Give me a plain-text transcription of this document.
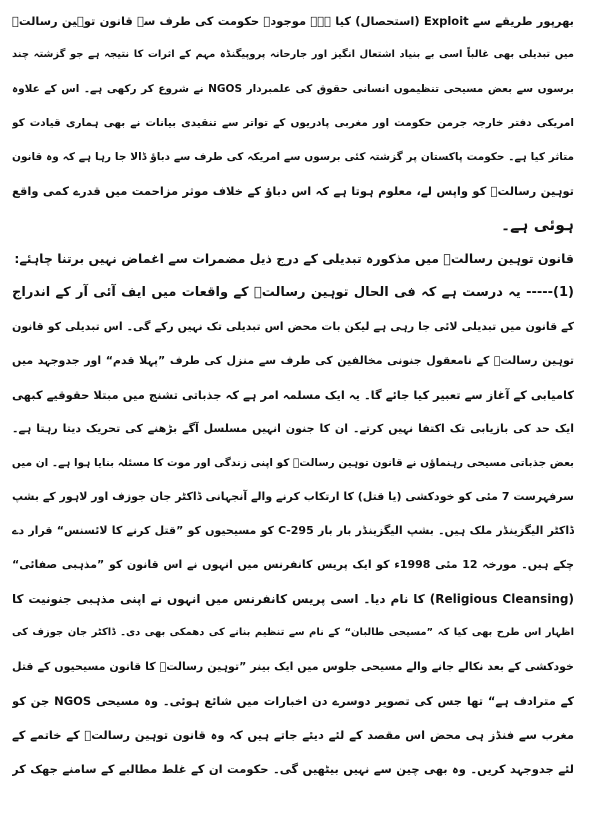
بھرپور طریقے سے Exploit (استحصال) کیا ہے۔ موجودہ حکومت کی طرف سے قانون توہین رسالتؐ
میں تبدیلی بھی غالباً اسی بے بنیاد اشتعال انگیز اور جارحانہ پروپیگنڈہ مہم کے اثرات کا نتیجہ ہے جو گزشتہ چند
برسوں سے بعض مسیحی تنظیموں انسانی حقوق کی علمبردار NGOS نے شروع کر رکھی ہے۔ اس کے علاوہ
امریکی دفتر خارجہ جرمن حکومت اور مغربی پادریوں کے تواتر سے تنقیدی بیانات نے بھی ہماری قیادت کو
متاثر کیا ہے۔ حکومت پاکستان پر گزشتہ کئی برسوں سے امریکہ کی طرف سے دباؤ ڈالا جا رہا ہے کہ وہ قانون
توہین رسالتؐ کو واپس لے، معلوم ہوتا ہے کہ اس دباؤ کے خلاف موثر مزاحمت میں قدرے کمی واقع
ہوئی ہے۔
قانون توہین رسالتؐ میں مذکورہ تبدیلی کے درج ذیل مضمرات سے اغماض نہیں برتنا چاہئے:
(1)----- یہ درست ہے کہ فی الحال توہین رسالتؐ کے واقعات میں ایف آئی آر کے اندراج
کے قانون میں تبدیلی لائی جا رہی ہے لیکن بات محض اس تبدیلی تک نہیں رکے گی۔ اس تبدیلی کو قانون
توہین رسالتؐ کے نامعقول جنونی مخالفین کی طرف سے منزل کی طرف ”پہلا قدم“ اور جدوجہد میں
کامیابی کے آغاز سے تعبیر کیا جائے گا۔ یہ ایک مسلمہ امر ہے کہ جذباتی تشنج میں مبتلا حقوقیے کبھی
ایک حد کی بازیابی تک اکتفا نہیں کرتے۔ ان کا جنون انہیں مسلسل آگے بڑھنے کی تحریک دیتا رہتا ہے۔
بعض جذباتی مسیحی رہنماؤں نے قانون توہین رسالتؐ کو اپنی زندگی اور موت کا مسئلہ بنایا ہوا ہے۔ ان میں
سرفہرست 7 مئی کو خودکشی (یا قتل) کا ارتکاب کرنے والے آنجہانی ڈاکٹر جان جوزف اور لاہور کے بشپ
ڈاکٹر الیگزینڈر ملک ہیں۔ بشپ الیگزینڈر بار بار 295-C کو مسیحیوں کو ”قتل کرنے کا لائسنس“ قرار دے
چکے ہیں۔ مورخہ 12 مئی 1998ء کو ایک پریس کانفرنس میں انہوں نے اس قانون کو ”مذہبی صفائی“
(Religious Cleansing) کا نام دیا۔ اسی پریس کانفرنس میں انہوں نے اپنی مذہبی جنونیت کا
اظہار اس طرح بھی کیا کہ ”مسیحی طالبان“ کے نام سے تنظیم بنانے کی دھمکی بھی دی۔ ڈاکٹر جان جوزف کی
خودکشی کے بعد نکالے جانے والے مسیحی جلوس میں ایک بینر ”توہین رسالتؐ کا قانون مسیحیوں کے قتل
کے مترادف ہے“ تھا جس کی تصویر دوسرے دن اخبارات میں شائع ہوئی۔ وہ مسیحی NGOS جن کو
مغرب سے فنڈز ہی محض اس مقصد کے لئے دیئے جاتے ہیں کہ وہ قانون توہین رسالتؐ کے خاتمے کے
لئے جدوجہد کریں۔ وہ بھی چین سے نہیں بیٹھیں گی۔ حکومت ان کے غلط مطالبے کے سامنے جھک کر
